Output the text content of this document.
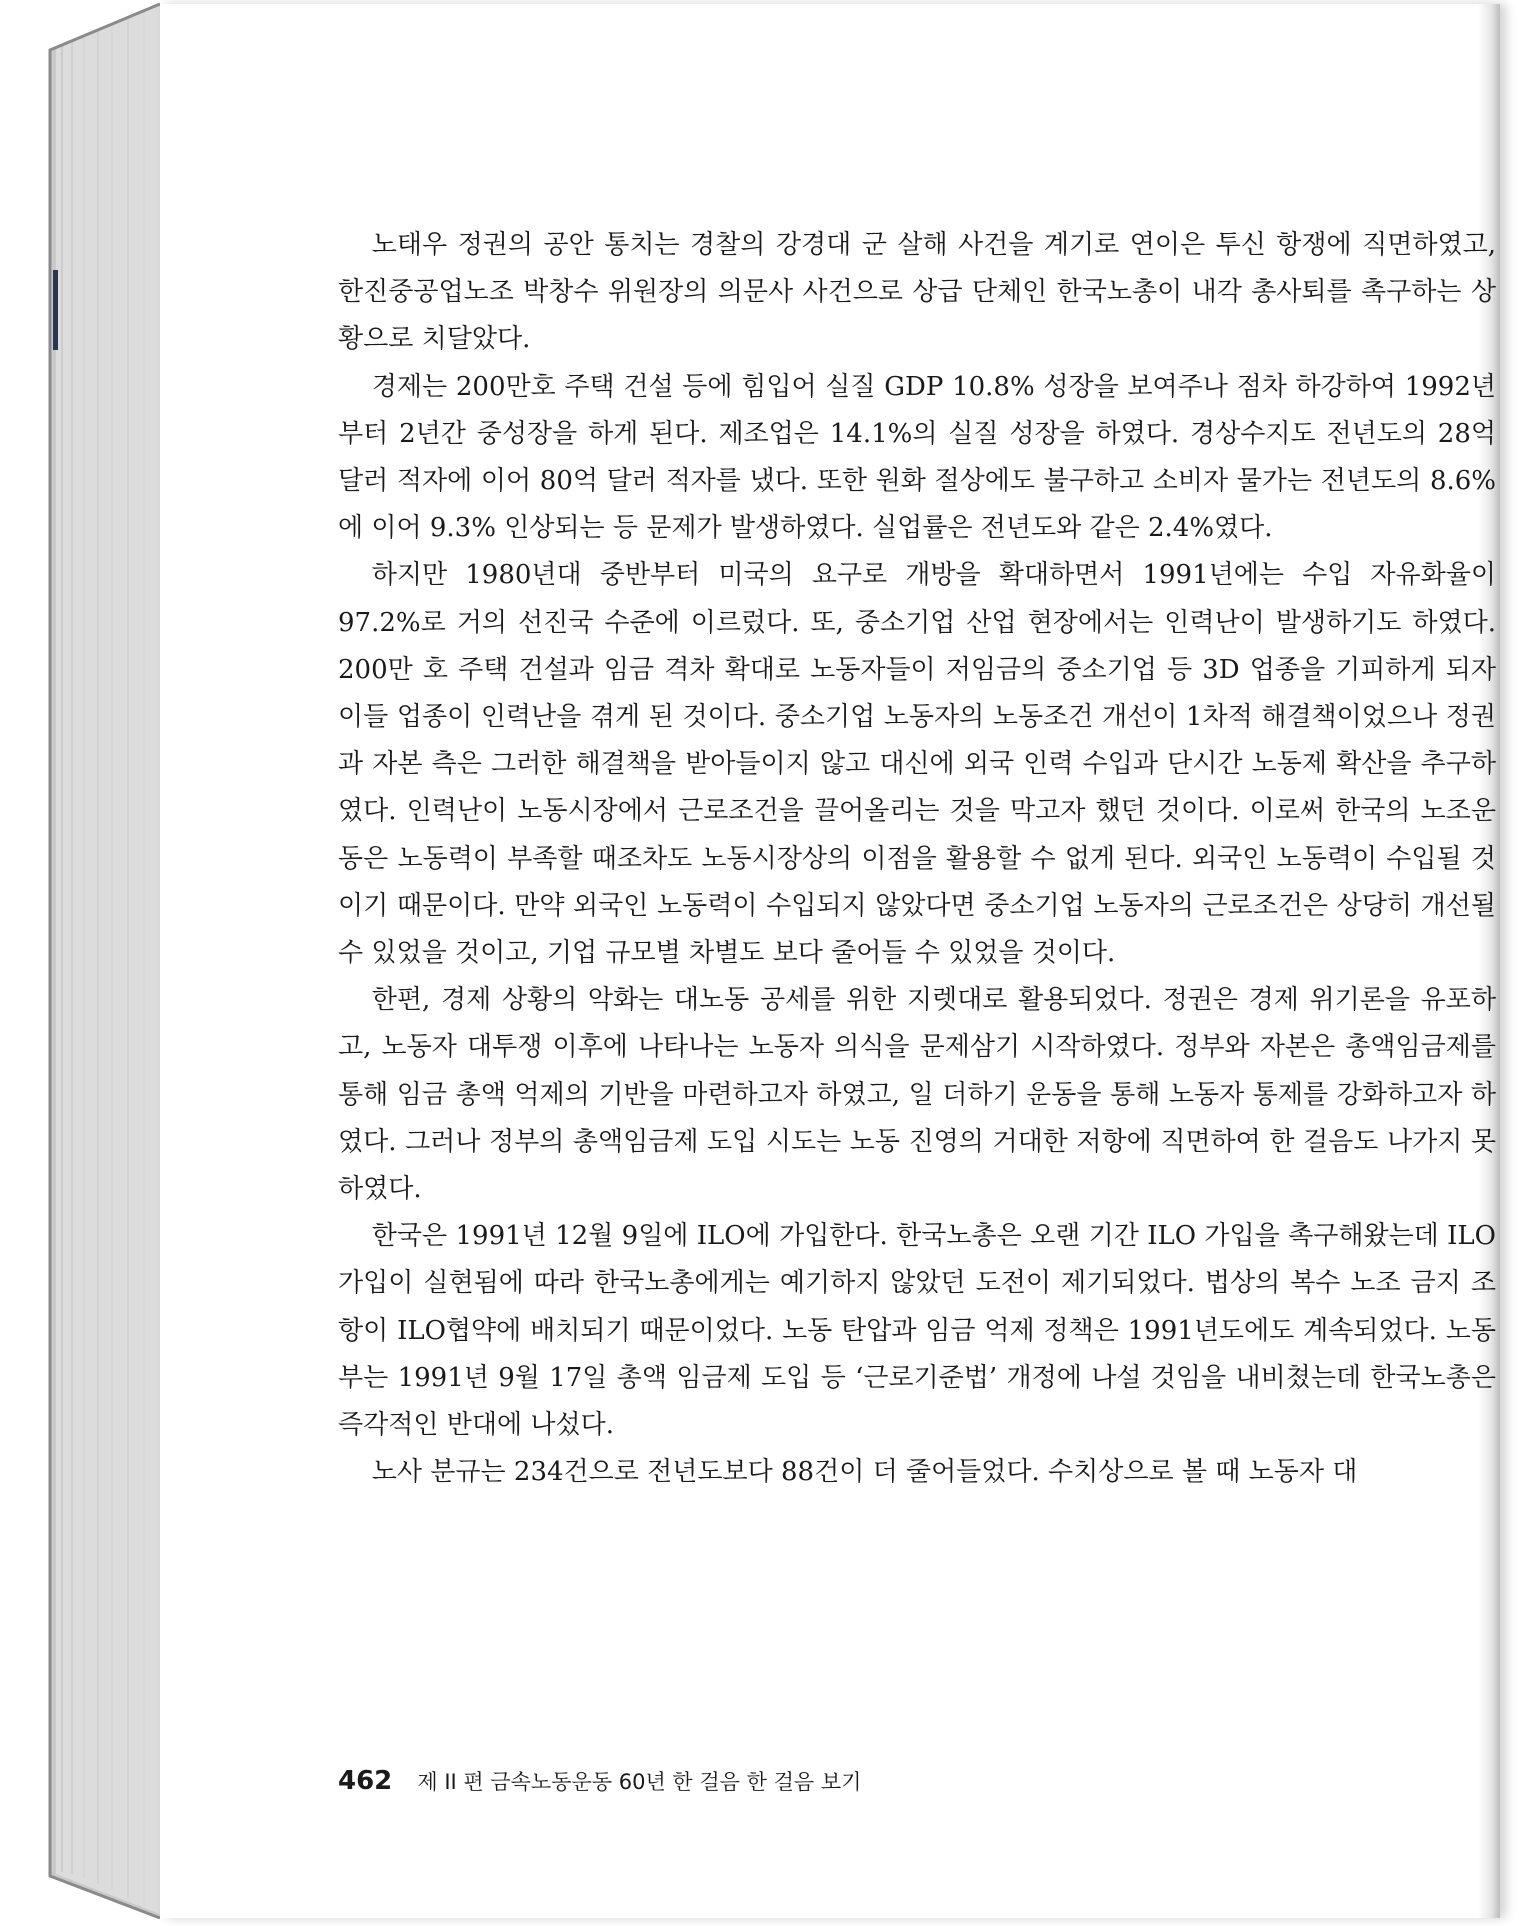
노태우 정권의 공안 통치는 경찰의 강경대 군 살해 사건을 계기로 연이은 투신 항쟁에 직면하였고, 한진중공업노조 박창수 위원장의 의문사 사건으로 상급 단체인 한국노총이 내각 총사퇴를 촉구하는 상황으로 치달았다.

경제는 200만호 주택 건설 등에 힘입어 실질 GDP 10.8% 성장을 보여주나 점차 하강하여 1992년부터 2년간 중성장을 하게 된다. 제조업은 14.1%의 실질 성장을 하였다. 경상수지도 전년도의 28억 달러 적자에 이어 80억 달러 적자를 냈다. 또한 원화 절상에도 불구하고 소비자 물가는 전년도의 8.6%에 이어 9.3% 인상되는 등 문제가 발생하였다. 실업률은 전년도와 같은 2.4%였다.

하지만 1980년대 중반부터 미국의 요구로 개방을 확대하면서 1991년에는 수입 자유화율이 97.2%로 거의 선진국 수준에 이르렀다. 또, 중소기업 산업 현장에서는 인력난이 발생하기도 하였다. 200만 호 주택 건설과 임금 격차 확대로 노동자들이 저임금의 중소기업 등 3D 업종을 기피하게 되자 이들 업종이 인력난을 겪게 된 것이다. 중소기업 노동자의 노동조건 개선이 1차적 해결책이었으나 정권과 자본 측은 그러한 해결책을 받아들이지 않고 대신에 외국 인력 수입과 단시간 노동제 확산을 추구하였다. 인력난이 노동시장에서 근로조건을 끌어올리는 것을 막고자 했던 것이다. 이로써 한국의 노조운동은 노동력이 부족할 때조차도 노동시장상의 이점을 활용할 수 없게 된다. 외국인 노동력이 수입될 것이기 때문이다. 만약 외국인 노동력이 수입되지 않았다면 중소기업 노동자의 근로조건은 상당히 개선될 수 있었을 것이고, 기업 규모별 차별도 보다 줄어들 수 있었을 것이다.

한편, 경제 상황의 악화는 대노동 공세를 위한 지렛대로 활용되었다. 정권은 경제 위기론을 유포하고, 노동자 대투쟁 이후에 나타나는 노동자 의식을 문제삼기 시작하였다. 정부와 자본은 총액임금제를 통해 임금 총액 억제의 기반을 마련하고자 하였고, 일 더하기 운동을 통해 노동자 통제를 강화하고자 하였다. 그러나 정부의 총액임금제 도입 시도는 노동 진영의 거대한 저항에 직면하여 한 걸음도 나가지 못하였다.

한국은 1991년 12월 9일에 ILO에 가입한다. 한국노총은 오랜 기간 ILO 가입을 촉구해왔는데 ILO 가입이 실현됨에 따라 한국노총에게는 예기하지 않았던 도전이 제기되었다. 법상의 복수 노조 금지 조항이 ILO협약에 배치되기 때문이었다. 노동 탄압과 임금 억제 정책은 1991년도에도 계속되었다. 노동부는 1991년 9월 17일 총액 임금제 도입 등 ‘근로기준법’ 개정에 나설 것임을 내비쳤는데 한국노총은 즉각적인 반대에 나섰다.

노사 분규는 234건으로 전년도보다 88건이 더 줄어들었다. 수치상으로 볼 때 노동자 대

462 제 II 편 금속노동운동 60년 한 걸음 한 걸음 보기
